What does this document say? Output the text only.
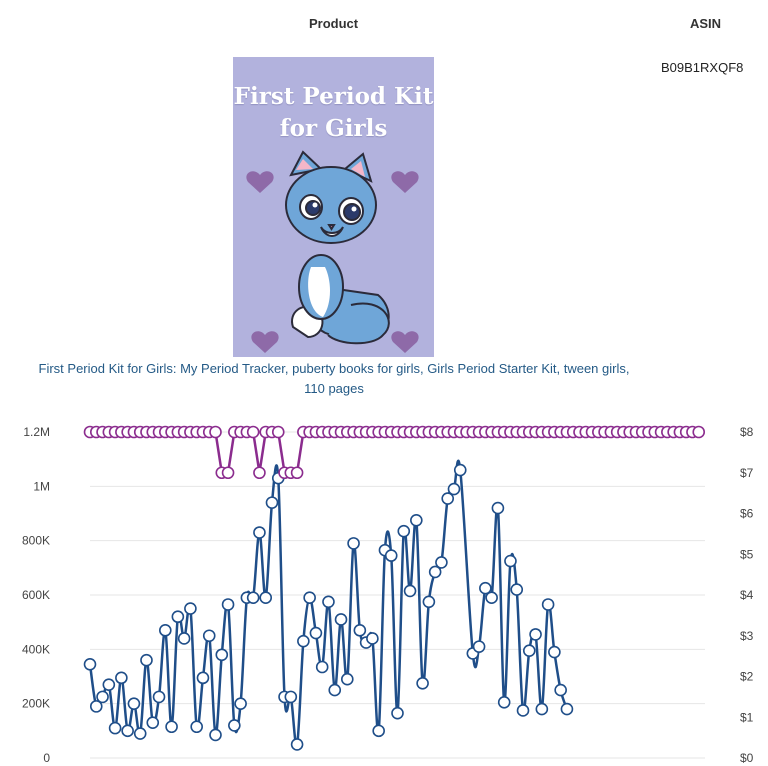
Product	ASIN
B09B1RXQF8
First Period Kit
for Girls
First Period Kit for Girls: My Period Tracker, puberty books for girls, Girls Period Starter Kit, tween girls, 110 pages
0
200K
400K
600K
800K
1M
1.2M
$0
$1
$2
$3
$4
$5
$6
$7
$8
